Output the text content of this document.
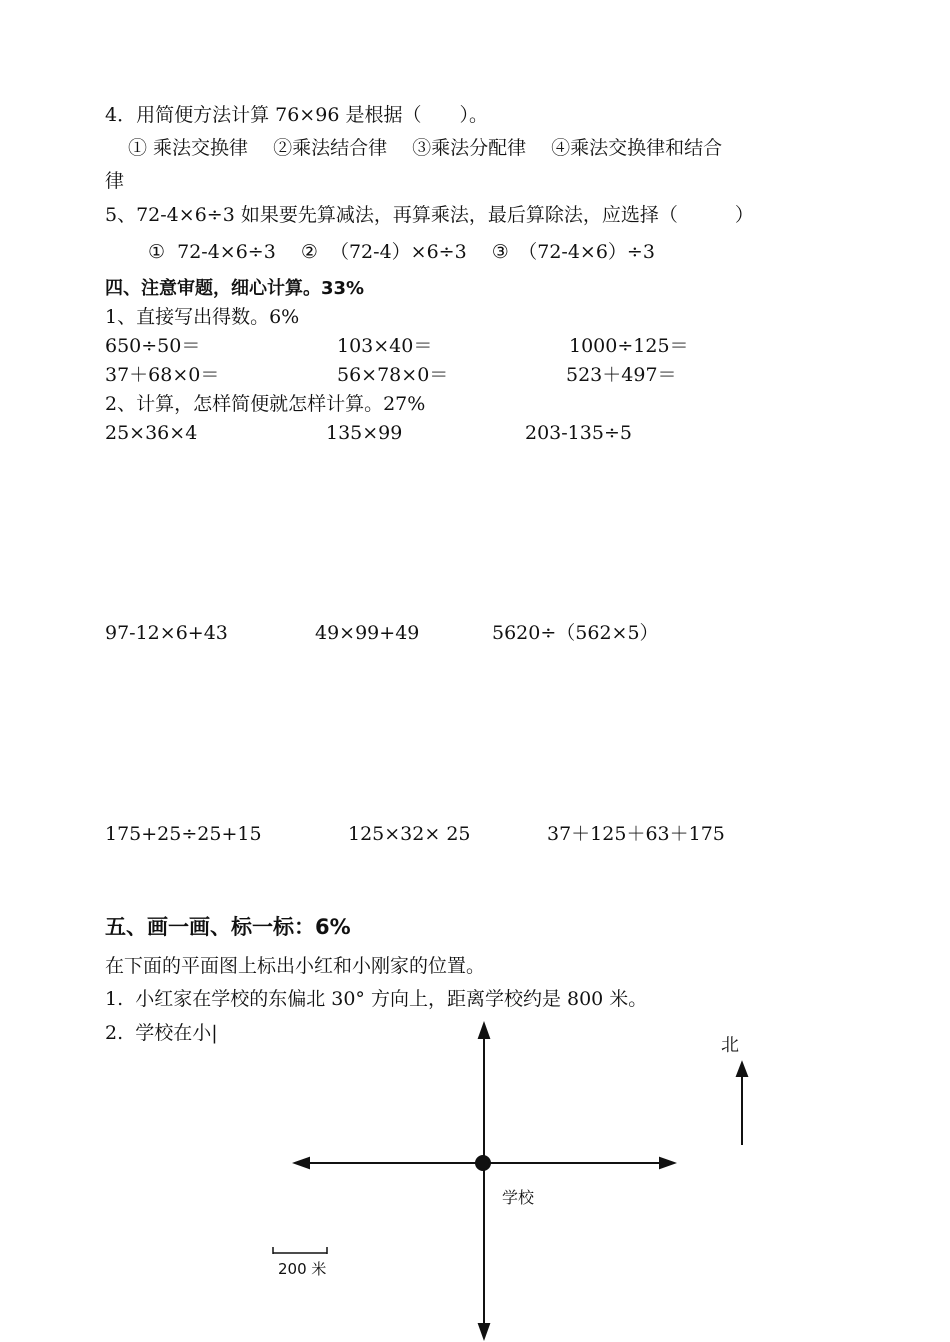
4．用简便方法计算 76×96 是根据（　　）。
① 乘法交换律　 ②乘法结合律　 ③乘法分配律　 ④乘法交换律和结合
律
5、72-4×6÷3 如果要先算减法，再算乘法，最后算除法，应选择（　　　）
①  72-4×6÷3　 ②  （72-4）×6÷3　 ③　（72-4×6）÷3
四、注意审题，细心计算。33%
1、直接写出得数。6%
650÷50＝	103×40＝	1000÷125＝
37＋68×0＝	56×78×0＝	523＋497＝
2、计算，怎样简便就怎样计算。27%
25×36×4	135×99	203-135÷5
97-12×6+43	49×99+49	5620÷（562×5）
175+25÷25+15	125×32× 25	37＋125＋63＋175
五、画一画、标一标：6%
在下面的平面图上标出小红和小刚家的位置。
1.  小红家在学校的东偏北 30° 方向上，距离学校约是 800 米。
2.  学校在小|
北
学校
200 米
